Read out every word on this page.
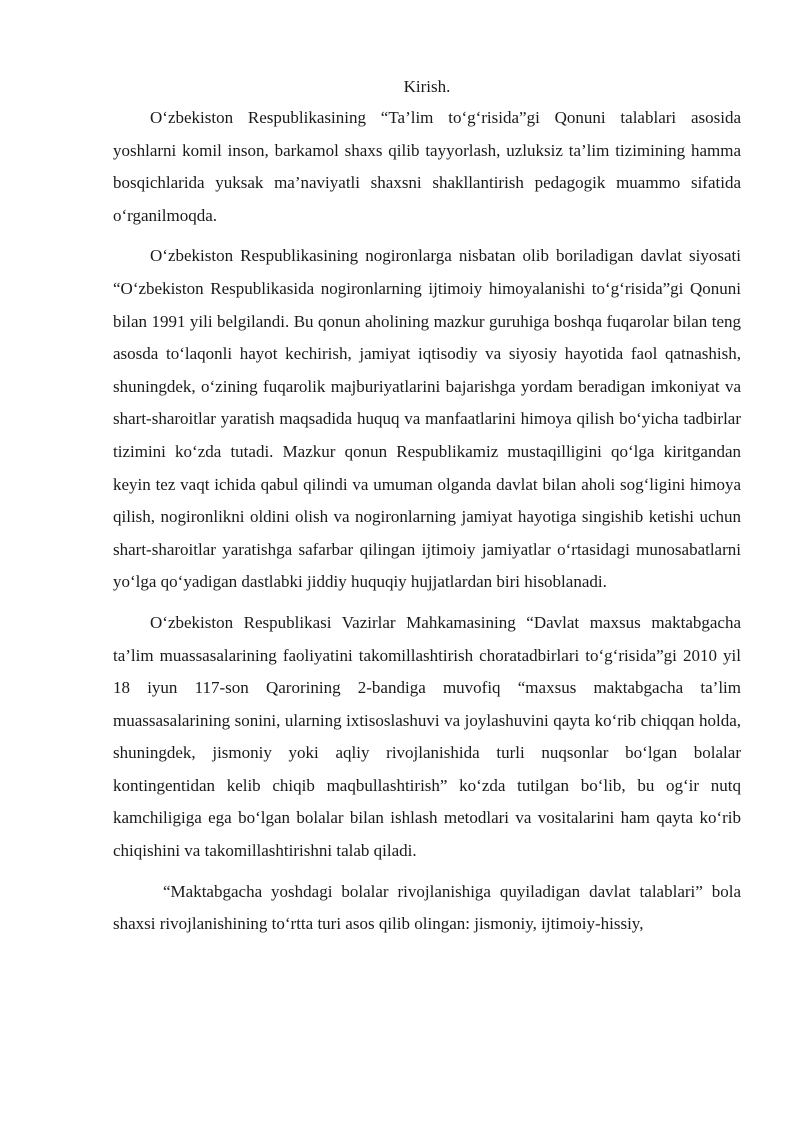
Kirish.

O‘zbekiston Respublikasining “Ta’lim to‘g‘risida”gi Qonuni talablari asosida yoshlarni komil inson, barkamol shaxs qilib tayyorlash, uzluksiz ta’lim tizimining hamma bosqichlarida yuksak ma’naviyatli shaxsni shakllantirish pedagogik muammo sifatida o‘rganilmoqda.

O‘zbekiston Respublikasining nogironlarga nisbatan olib boriladigan davlat siyosati “O‘zbekiston Respublikasida nogironlarning ijtimoiy himoyalanishi to‘g‘risida”gi Qonuni bilan 1991 yili belgilandi. Bu qonun aholining mazkur guruhiga boshqa fuqarolar bilan teng asosda to‘laqonli hayot kechirish, jamiyat iqtisodiy va siyosiy hayotida faol qatnashish, shuningdek, o‘zining fuqarolik majburiyatlarini bajarishga yordam beradigan imkoniyat va shart-sharoitlar yaratish maqsadida huquq va manfaatlarini himoya qilish bo‘yicha tadbirlar tizimini ko‘zda tutadi. Mazkur qonun Respublikamiz mustaqilligini qo‘lga kiritgandan keyin tez vaqt ichida qabul qilindi va umuman olganda davlat bilan aholi sog‘ligini himoya qilish, nogironlikni oldini olish va nogironlarning jamiyat hayotiga singishib ketishi uchun shart-sharoitlar yaratishga safarbar qilingan ijtimoiy jamiyatlar o‘rtasidagi munosabatlarni yo‘lga qo‘yadigan dastlabki jiddiy huquqiy hujjatlardan biri hisoblanadi.

O‘zbekiston Respublikasi Vazirlar Mahkamasining “Davlat maxsus maktabgacha ta’lim muassasalarining faoliyatini takomillashtirish choratadbirlari to‘g‘risida”gi 2010 yil 18 iyun 117-son Qarorining 2-bandiga muvofiq “maxsus maktabgacha ta’lim muassasalarining sonini, ularning ixtisoslashuvi va joylashuvini qayta ko‘rib chiqqan holda, shuningdek, jismoniy yoki aqliy rivojlanishida turli nuqsonlar bo‘lgan bolalar kontingentidan kelib chiqib maqbullashtirish” ko‘zda tutilgan bo‘lib, bu og‘ir nutq kamchiligiga ega bo‘lgan bolalar bilan ishlash metodlari va vositalarini ham qayta ko‘rib chiqishini va takomillashtirishni talab qiladi.

“Maktabgacha yoshdagi bolalar rivojlanishiga quyiladigan davlat talablari” bola shaxsi rivojlanishining to‘rtta turi asos qilib olingan: jismoniy, ijtimoiy-hissiy,
